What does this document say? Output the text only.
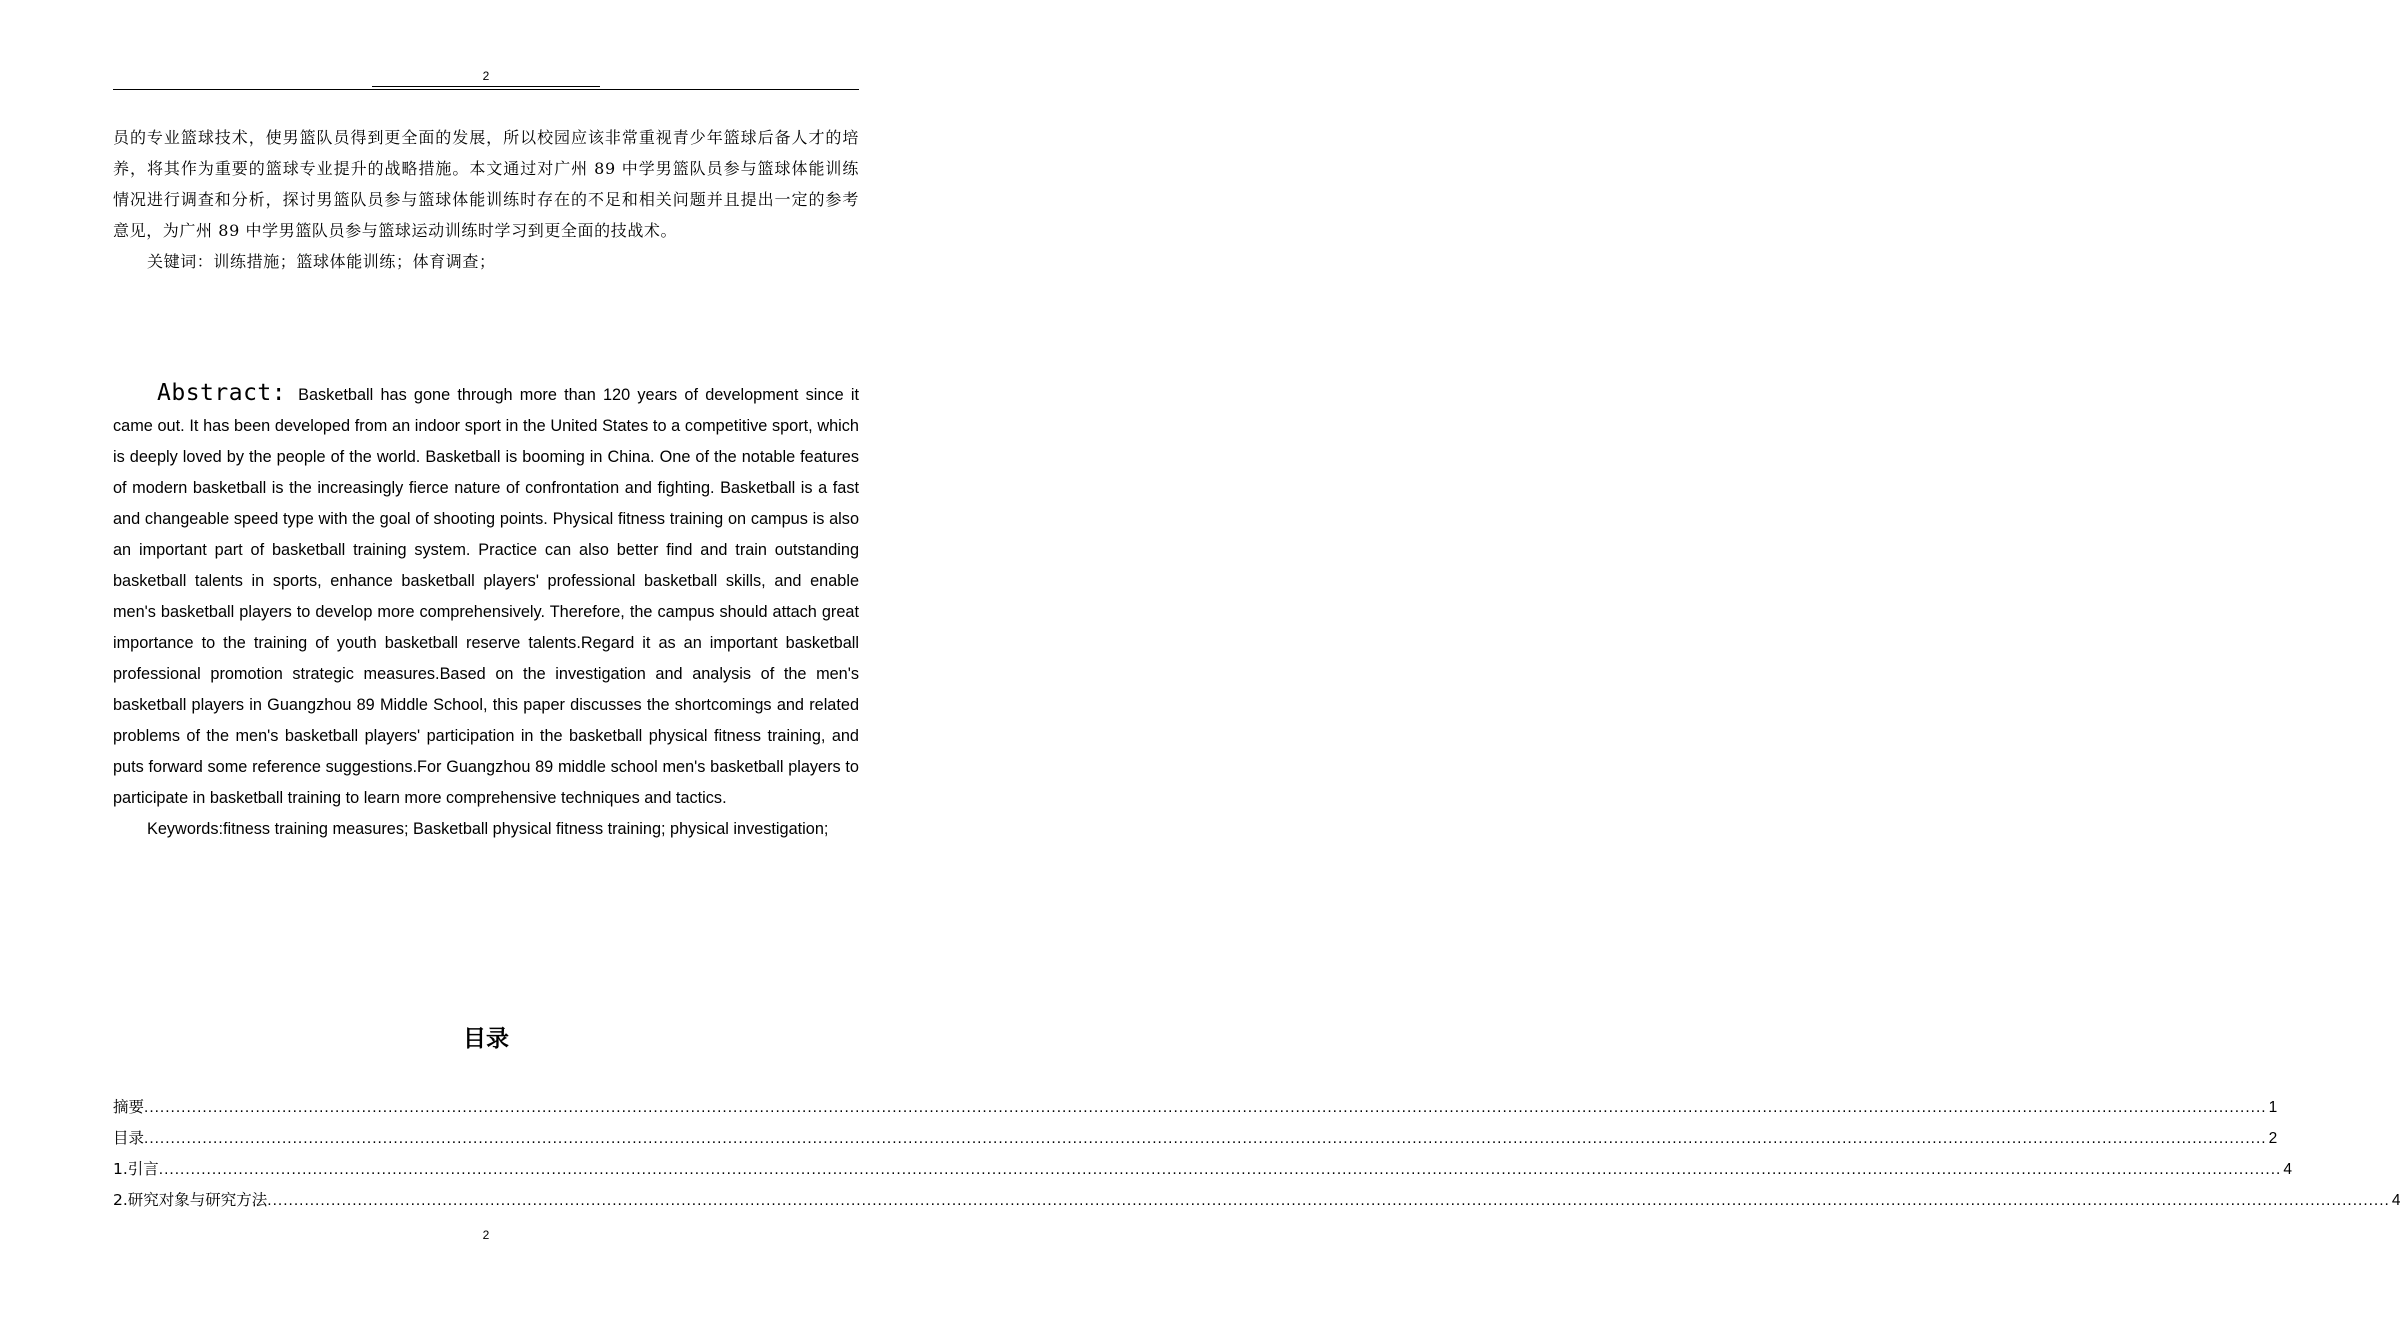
2

员的专业篮球技术，使男篮队员得到更全面的发展，所以校园应该非常重视青少年篮球后备人才的培养，将其作为重要的篮球专业提升的战略措施。本文通过对广州 89 中学男篮队员参与篮球体能训练情况进行调查和分析，探讨男篮队员参与篮球体能训练时存在的不足和相关问题并且提出一定的参考意见，为广州 89 中学男篮队员参与篮球运动训练时学习到更全面的技战术。

关键词：训练措施；篮球体能训练；体育调查；

Abstract: Basketball has gone through more than 120 years of development since it came out. It has been developed from an indoor sport in the United States to a competitive sport, which is deeply loved by the people of the world. Basketball is booming in China. One of the notable features of modern basketball is the increasingly fierce nature of confrontation and fighting. Basketball is a fast and changeable speed type with the goal of shooting points. Physical fitness training on campus is also an important part of basketball training system. Practice can also better find and train outstanding basketball talents in sports, enhance basketball players' professional basketball skills, and enable men's basketball players to develop more comprehensively. Therefore, the campus should attach great importance to the training of youth basketball reserve talents.Regard it as an important basketball professional promotion strategic measures.Based on the investigation and analysis of the men's basketball players in Guangzhou 89 Middle School, this paper discusses the shortcomings and related problems of the men's basketball players' participation in the basketball physical fitness training, and puts forward some reference suggestions.For Guangzhou 89 middle school men's basketball players to participate in basketball training to learn more comprehensive techniques and tactics.

Keywords:fitness training measures; Basketball physical fitness training; physical investigation;

目录
摘要 ................................................................................................................................................................................................................................................................................................................................................................................................................ 1
目录 ................................................................................................................................................................................................................................................................................................................................................................................................................ 2
1.引言 ................................................................................................................................................................................................................................................................................................................................................................................................................ 4
2.研究对象与研究方法 ................................................................................................................................................................................................................................................................................................................................................................................................................ 4
2
